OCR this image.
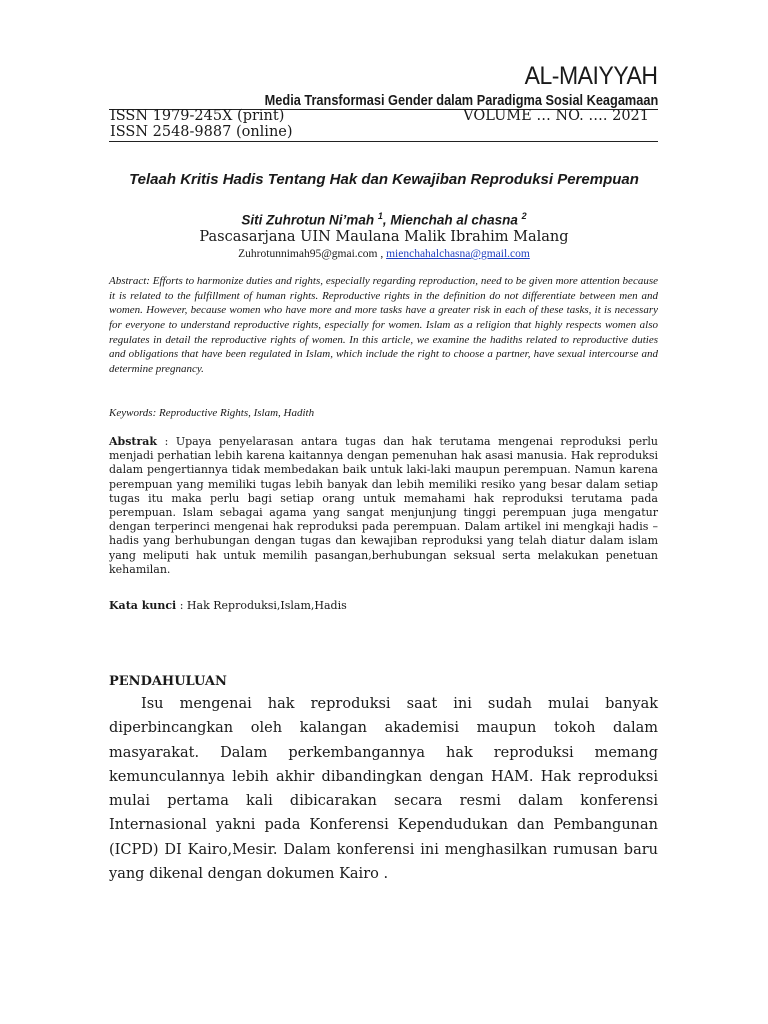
AL-MAIYYAH
Media Transformasi Gender dalam Paradigma Sosial Keagamaan
ISSN 1979-245X (print)	VOLUME … NO. …. 2021
ISSN 2548-9887 (online)
Telaah Kritis Hadis Tentang Hak dan Kewajiban Reproduksi Perempuan
Siti Zuhrotun Ni’mah $^1$, Mienchah al chasna $^2$
Pascasarjana UIN Maulana Malik Ibrahim Malang
Zuhrotunnimah95@gmai.com , mienchahalchasna@gmail.com
Abstract: Efforts to harmonize duties and rights, especially regarding reproduction, need to be given more attention because it is related to the fulfillment of human rights. Reproductive rights in the definition do not differentiate between men and women. However, because women who have more and more tasks have a greater risk in each of these tasks, it is necessary for everyone to understand reproductive rights, especially for women. Islam as a religion that highly respects women also regulates in detail the reproductive rights of women. In this article, we examine the hadiths related to reproductive duties and obligations that have been regulated in Islam, which include the right to choose a partner, have sexual intercourse and determine pregnancy.
Keywords: Reproductive Rights, Islam, Hadith
Abstrak : Upaya penyelarasan antara tugas dan hak terutama mengenai reproduksi perlu menjadi perhatian lebih karena kaitannya dengan pemenuhan hak asasi manusia. Hak reproduksi dalam pengertiannya tidak membedakan baik untuk laki-laki maupun perempuan. Namun karena perempuan yang memiliki tugas lebih banyak dan lebih memiliki resiko yang besar dalam setiap tugas itu maka perlu bagi setiap orang untuk memahami hak reproduksi terutama pada perempuan. Islam sebagai agama yang sangat menjunjung tinggi perempuan juga mengatur dengan terperinci mengenai hak reproduksi pada perempuan. Dalam artikel ini mengkaji hadis – hadis yang berhubungan dengan tugas dan kewajiban reproduksi yang telah diatur dalam islam yang meliputi hak untuk memilih pasangan,berhubungan seksual serta melakukan penetuan kehamilan.
Kata kunci : Hak Reproduksi,Islam,Hadis
PENDAHULUAN
Isu mengenai hak reproduksi saat ini sudah mulai banyak diperbincangkan oleh kalangan akademisi maupun tokoh dalam masyarakat. Dalam perkembangannya hak reproduksi memang kemunculannya lebih akhir dibandingkan dengan HAM. Hak reproduksi mulai pertama kali dibicarakan secara resmi dalam konferensi Internasional yakni pada Konferensi Kependudukan dan Pembangunan (ICPD) DI Kairo,Mesir. Dalam konferensi ini menghasilkan rumusan baru yang dikenal dengan dokumen Kairo .
